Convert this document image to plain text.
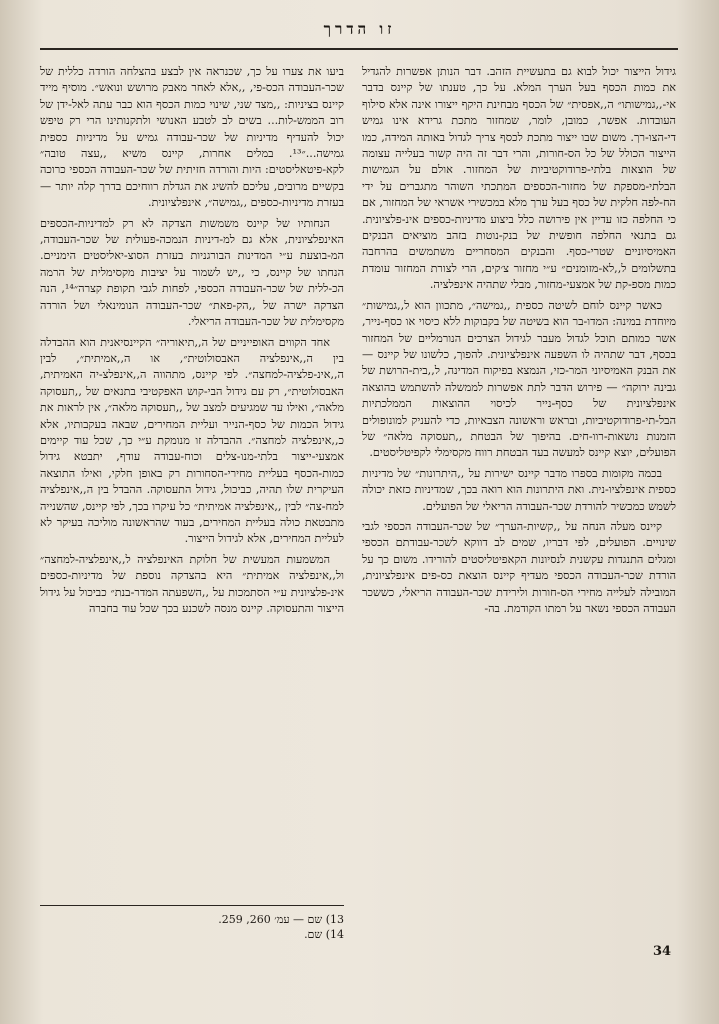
זו הדרך

גידול הייצור יכול לבוא גם בתעשיית הזהב. דבר הנותן אפשרות להגדיל את כמות הכסף בעל הערך המלא. על כך, טענתו של קיינס בדבר אי-,,גמישותו״ ה,,אפסית״ של הכסף מבחינת היקף ייצורו אינה אלא סילוף העובדות. אפשר, כמובן, לומר, שמחזור מתכת גרידא אינו גמיש די-הצו-רך. משום שבו ייצור מתכת לכסף צריך לגדול באותה המידה, כמו הייצור הכולל של כל הס-חורות, והרי דבר זה היה קשור בעלייה עצומה של הוצאות בלתי-פרודוקטיביות של המחזור. אולם על הגמישות הבלתי-מספקת של מחזור-הכספים המתכתי השוהר מתגברים על ידי הח-לפה חלקית של כסף בעל ערך מלא במכשירי אשראי של המחזור, אם כי החלפה כזו עדיין אין פירושה כלל ביצוע מדיניות-כספים אינ-פלציונית. גם בתנאי החלפה חופשית של בנק-נוטות בזהב מוציאים הבנקים האמיסיוניים שטרי-כסף. והבנקים המסחריים משתמשים בהרחבה בתשלומים ל,,לא-מזומנים״ ע״י מחזור צ׳קים, הרי לצורת המחזור עומדת כמות מספ-קת של אמצעי-מחזור, מבלי שתהיה אינפלציה.

כאשר קיינס לוחם לשיטה כספית ,,גמישה״, מתכוון הוא ל,,גמישות״ מיוחדת במינה: המדו-בר הוא בשיטה של בקבוקות ללא כיסוי או כסף-נייר, אשר כמותם תוכל לגדול מעבר לגידול הצרכים הנורמליים של המחזור בכסף, דבר שתהיה לו השפעה אינפלציונית. להפוך, כלשונו של קיינס — את הבנק האמיסיוני המר-כזי, הנמצא בפיקוח המדינה, ל,,בית-הרושת של גבינה ירוקה״ — פירוש הדבר לתת אפשרות לממשלה להשתמש בהוצאה אינפלציונית של כסף-נייר לכיסוי ההוצאות הממלכתיות הבל-תי-פרודוקטיביות, ובראש וראשונה הצבאיות, כדי להעניק למונופולים הזמנות נושאות-רוו-חים. בהיפוך של הבטחת ,,תעסוקה מלאה״ של הפועלים, יוצא קיינס למעשה בעד הבטחת רווח מקסימלי לקפיטליסטים.

בכמה מקומות בספרו מדבר קיינס ישירות על ,,היתרונות״ של מדיניות כספית אינפלציו-נית. ואת היתרונות הוא רואה בכך, שמדיניות כזאת יכולה לשמש כמכשיר להורדת שכר-העבודה הריאלי של הפועלים.

קיינס מעלה הנחה על ,,קשיות-הערך״ של שכר-העבודה הכספי לגבי שינויים. הפועלים, לפי דבריו, שמים לב דווקא לשכר-עבודתם הכספי ומגלים התנגדות עקשנית לנסיונות הקאפיטליסטים להורידו. משום כך על הורדת שכר-העבודה הכספי מעדיף קיינס הוצאת כס-פים אינפלציונית, המובילה לעלייה מחירי הס-חורות ולירידת שכר-העבודה הריאלי, כששכר העבודה הכספי נשאר על רמתו הקודמת. בה-

ביעו את צערו על כך, שכנראה אין לבצע בהצלחה הורדה כללית של שכר-העבודה הכס-פי, ,,אלא לאחר מאבק מרושש ונואש״. מוסיף מייד קיינס בציניות: ,,מצד שני, שינוי כמות הכסף הוא כבר עתה לאל-ידן של רוב הממש-לות... בשים לב לטבע האנושי ולתקנותינו הרי רק טיפש יכול להעדיף מדיניות של שכר-עבודה גמיש על מדיניות כספית גמישה...״¹³. במלים אחרות, קיינס משיא ,,עצה טובה״ לקא-פיטאליסטים: היות והורדה חזיתית של שכר-העבודה הכספי כרוכה בקשיים מרובים, עליכם להשיג את הגדלת רווחיכם בדרך קלה יותר — בעזרת מדיניות-כספים ,,גמישה״, אינפלציונית.

הנחותיו של קיינס משמשות הצדקה לא רק למדיניות-הכספים האינפלציונית, אלא גם למ-דיניות הנמכה-פעולית של שכר-העבודה, המ-בוצעת ע״י המדינות הבורגניות בעזרת הסוצ-יאליסטים הימניים. הנחתו של קיינס, כי ,,יש לשמור על יציבות מקסימלית של הרמה הכ-ללית של שכר-העבודה הכספי, לפחות לגבי תקופת קצרה״¹⁴, הנה הצדקה ישרה של ,,הק-פאת״ שכר-העבודה הנומינאלי ושל הורדה מקסימלית של שכר-העבודה הריאלי.

אחד הקווים האופייניים של ה,,תיאוריה״ הקיינסיאנית הוא ההבדלה בין ה,,אינפלציה האבסולוטית״, או ה,,אמיתית״, לבין ה,,אינ-פלציה-למחצה״. לפי קיינס, מתהווה ה,,אינפלצ-יה האמיתית, האבסולוטית״, רק עם גידול הבי-קוש האפקטיבי בתנאים של ,,תעסוקה מלאה״, ואילו עד שמגיעים למצב של ,,תעסוקה מלאה״, אין לראות את גידול הכמות של כסף-הנייר ועליית המחירים, שבאה בעקבותיו, אלא כ,,אינפלציה למחצה״. ההבדלה זו מנומקת ע״י כך, שכל עוד קיימים אמצעי-ייצור בלתי-מנו-צלים וכוח-עבודה עודף, יתבטא גידול כמות-הכסף בעליית מחירי-הסחורות רק באופן חלקי, ואילו התוצאה העיקרית שלו תהיה, כביכול, גידול התעסוקה. ההבדל בין ה,,אינפלציה למח-צה״ לבין ,,אינפלציה אמיתית״ כל עיקרו בכך, לפי קיינס, שהשנייה מתבטאת כולה בעליית המחירים, בעוד שהראשונה מוליכה בעיקר לא לעליית המחירים, אלא לגידול הייצור.

המשמעות המעשית של חלוקת האינפלציה ל,,אינפלציה-למחצה״ ול,,אינפלציה אמיתית״ היא בהצדקה נוספת של מדיניות-כספים אינ-פלציונית ע״י הסתמכות על ,,השפעתה המדר-בנת״ כביכול על גידול הייצור והתעסוקה. קיינס מנסה לשכנע בכך שכל עוד בחברה

13) שם — עמ׳ 260, 259.
14) שם.
34
